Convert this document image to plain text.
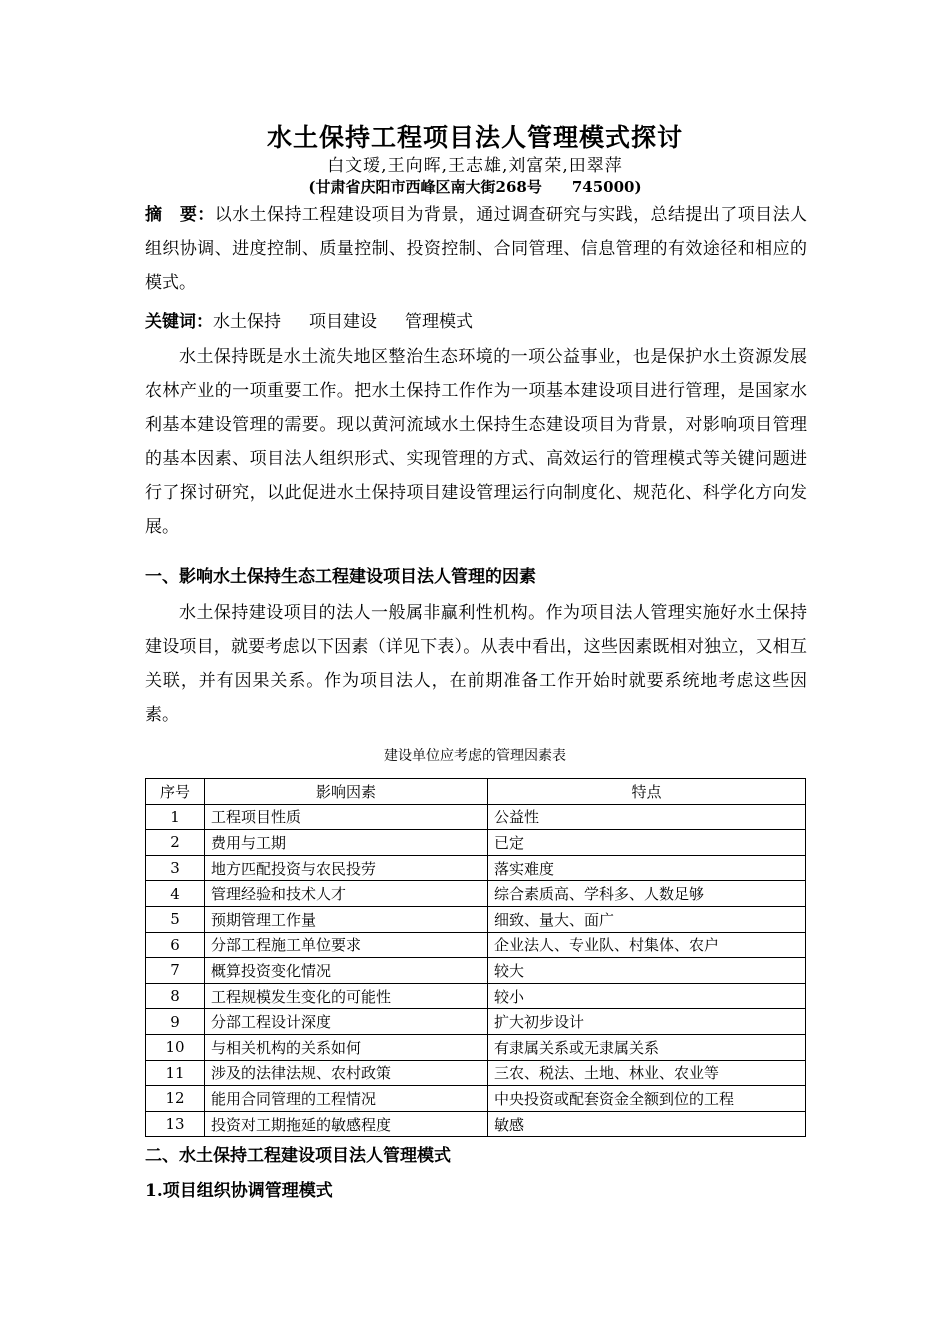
水土保持工程项目法人管理模式探讨
白文瑷,王向晖,王志雄,刘富荣,田翠萍
(甘肃省庆阳市西峰区南大街268号 745000)
摘　要：以水土保持工程建设项目为背景，通过调查研究与实践，总结提出了项目法人组织协调、进度控制、质量控制、投资控制、合同管理、信息管理的有效途径和相应的模式。
关键词：水土保持 项目建设 管理模式
水土保持既是水土流失地区整治生态环境的一项公益事业，也是保护水土资源发展农林产业的一项重要工作。把水土保持工作作为一项基本建设项目进行管理，是国家水利基本建设管理的需要。现以黄河流域水土保持生态建设项目为背景，对影响项目管理的基本因素、项目法人组织形式、实现管理的方式、高效运行的管理模式等关键问题进行了探讨研究，以此促进水土保持项目建设管理运行向制度化、规范化、科学化方向发展。
一、影响水土保持生态工程建设项目法人管理的因素
水土保持建设项目的法人一般属非赢利性机构。作为项目法人管理实施好水土保持建设项目，就要考虑以下因素（详见下表）。从表中看出，这些因素既相对独立，又相互关联，并有因果关系。作为项目法人，在前期准备工作开始时就要系统地考虑这些因素。
建设单位应考虑的管理因素表
序号	影响因素	特点
1	工程项目性质	公益性
2	费用与工期	已定
3	地方匹配投资与农民投劳	落实难度
4	管理经验和技术人才	综合素质高、学科多、人数足够
5	预期管理工作量	细致、量大、面广
6	分部工程施工单位要求	企业法人、专业队、村集体、农户
7	概算投资变化情况	较大
8	工程规模发生变化的可能性	较小
9	分部工程设计深度	扩大初步设计
10	与相关机构的关系如何	有隶属关系或无隶属关系
11	涉及的法律法规、农村政策	三农、税法、土地、林业、农业等
12	能用合同管理的工程情况	中央投资或配套资金全额到位的工程
13	投资对工期拖延的敏感程度	敏感
二、水土保持工程建设项目法人管理模式
1.项目组织协调管理模式
